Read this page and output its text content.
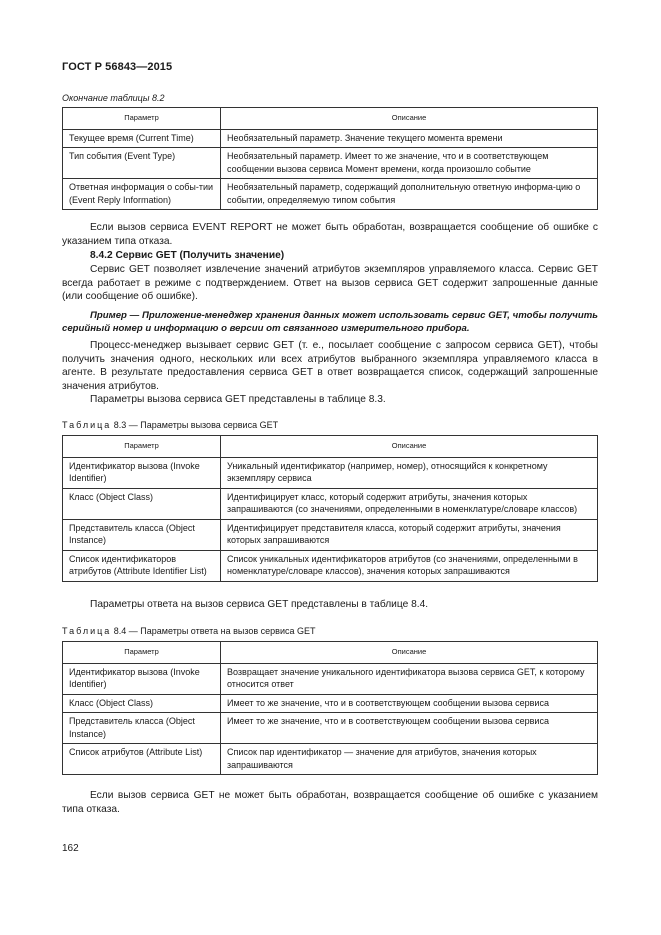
ГОСТ Р 56843—2015
Окончание таблицы 8.2
Параметр	Описание
Текущее время (Current Time)	Необязательный параметр. Значение текущего момента времени
Тип события (Event Type)	Необязательный параметр. Имеет то же значение, что и в соответствующем сообщении вызова сервиса Момент времени, когда произошло событие
Ответная информация о собы-тии (Event Reply Information)	Необязательный параметр, содержащий дополнительную ответную информа-цию о событии, определяемую типом события
Если вызов сервиса EVENT REPORT не может быть обработан, возвращается сообщение об ошибке с указанием типа отказа.
8.4.2 Сервис GET (Получить значение)
Сервис GET позволяет извлечение значений атрибутов экземпляров управляемого класса. Сервис GET всегда работает в режиме с подтверждением. Ответ на вызов сервиса GET содержит запрошенные данные (или сообщение об ошибке).
Пример — Приложение-менеджер хранения данных может использовать сервис GET, чтобы получить серийный номер и информацию о версии от связанного измерительного прибора.
Процесс-менеджер вызывает сервис GET (т. е., посылает сообщение с запросом сервиса GET), чтобы получить значения одного, нескольких или всех атрибутов выбранного экземпляра управляемого класса в агенте. В результате предоставления сервиса GET в ответ возвращается список, содержащий запрошенные значения атрибутов.
Параметры вызова сервиса GET представлены в таблице 8.3.
Таблица 8.3 — Параметры вызова сервиса GET
Параметр	Описание
Идентификатор вызова (Invoke Identifier)	Уникальный идентификатор (например, номер), относящийся к конкретному экземпляру сервиса
Класс (Object Class)	Идентифицирует класс, который содержит атрибуты, значения которых запрашиваются (со значениями, определенными в номенклатуре/словаре классов)
Представитель класса (Object Instance)	Идентифицирует представителя класса, который содержит атрибуты, значения которых запрашиваются
Список идентификаторов атрибутов (Attribute Identifier List)	Список уникальных идентификаторов атрибутов (со значениями, определенными в номенклатуре/словаре классов), значения которых запрашиваются
Параметры ответа на вызов сервиса GET представлены в таблице 8.4.
Таблица 8.4 — Параметры ответа на вызов сервиса GET
Параметр	Описание
Идентификатор вызова (Invoke Identifier)	Возвращает значение уникального идентификатора вызова сервиса GET, к которому относится ответ
Класс (Object Class)	Имеет то же значение, что и в соответствующем сообщении вызова сервиса
Представитель класса (Object Instance)	Имеет то же значение, что и в соответствующем сообщении вызова сервиса
Список атрибутов (Attribute List)	Список пар идентификатор — значение для атрибутов, значения которых запрашиваются
Если вызов сервиса GET не может быть обработан, возвращается сообщение об ошибке с указанием типа отказа.
162
